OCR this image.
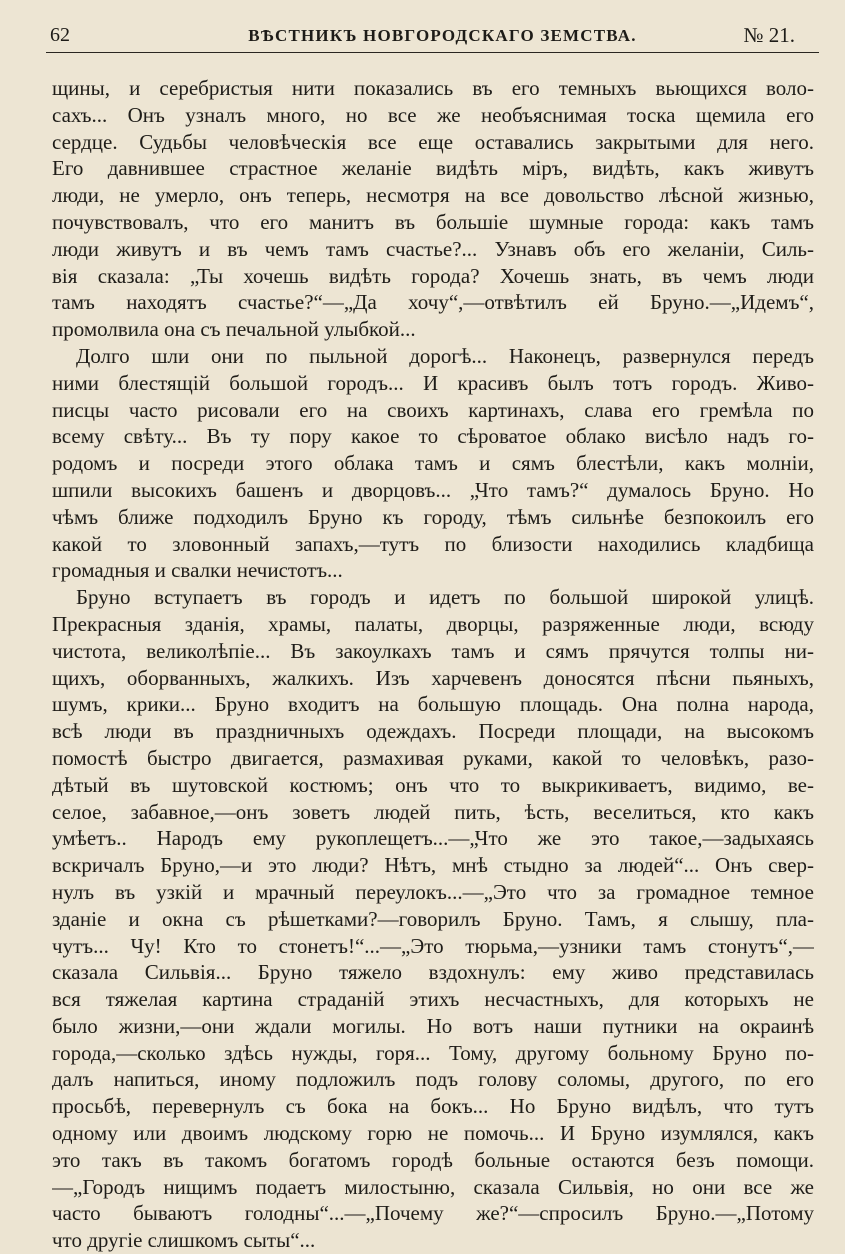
62	ВѢСТНИКЪ НОВГОРОДСКАГО ЗЕМСТВА.	№ 21.
щины, и серебристыя нити показались въ его темныхъ вьющихся воло-
сахъ... Онъ узналъ много, но все же необъяснимая тоска щемила его
сердце. Судьбы человѣческія все еще оставались закрытыми для него.
Его давнившее страстное желаніе видѣть міръ, видѣть, какъ живутъ
люди, не умерло, онъ теперь, несмотря на все довольство лѣсной жизнью,
почувствовалъ, что его манитъ въ большіе шумные города: какъ тамъ
люди живутъ и въ чемъ тамъ счастье?... Узнавъ объ его желаніи, Силь-
вія сказала: „Ты хочешь видѣть города? Хочешь знать, въ чемъ люди
тамъ находятъ счастье?“—„Да хочу“,—отвѣтилъ ей Бруно.—„Идемъ“,
промолвила она съ печальной улыбкой...
Долго шли они по пыльной дорогѣ... Наконецъ, развернулся передъ
ними блестящій большой городъ... И красивъ былъ тотъ городъ. Живо-
писцы часто рисовали его на своихъ картинахъ, слава его гремѣла по
всему свѣту... Въ ту пору какое то сѣроватое облако висѣло надъ го-
родомъ и посреди этого облака тамъ и сямъ блестѣли, какъ молніи,
шпили высокихъ башенъ и дворцовъ... „Что тамъ?“ думалось Бруно. Но
чѣмъ ближе подходилъ Бруно къ городу, тѣмъ сильнѣе безпокоилъ его
какой то зловонный запахъ,—тутъ по близости находились кладбища
громадныя и свалки нечистотъ...
Бруно вступаетъ въ городъ и идетъ по большой широкой улицѣ.
Прекрасныя зданія, храмы, палаты, дворцы, разряженные люди, всюду
чистота, великолѣпіе... Въ закоулкахъ тамъ и сямъ прячутся толпы ни-
щихъ, оборванныхъ, жалкихъ. Изъ харчевенъ доносятся пѣсни пьяныхъ,
шумъ, крики... Бруно входитъ на большую площадь. Она полна народа,
всѣ люди въ праздничныхъ одеждахъ. Посреди площади, на высокомъ
помостѣ быстро двигается, размахивая руками, какой то человѣкъ, разо-
дѣтый въ шутовской костюмъ; онъ что то выкрикиваетъ, видимо, ве-
селое, забавное,—онъ зоветъ людей пить, ѣсть, веселиться, кто какъ
умѣетъ.. Народъ ему рукоплещетъ...—„Что же это такое,—задыхаясь
вскричалъ Бруно,—и это люди? Нѣтъ, мнѣ стыдно за людей“... Онъ свер-
нулъ въ узкій и мрачный переулокъ...—„Это что за громадное темное
зданіе и окна съ рѣшетками?—говорилъ Бруно. Тамъ, я слышу, пла-
чутъ... Чу! Кто то стонетъ!“...—„Это тюрьма,—узники тамъ стонутъ“,—
сказала Сильвія... Бруно тяжело вздохнулъ: ему живо представилась
вся тяжелая картина страданій этихъ несчастныхъ, для которыхъ не
было жизни,—они ждали могилы. Но вотъ наши путники на окраинѣ
города,—сколько здѣсь нужды, горя... Тому, другому больному Бруно по-
далъ напиться, иному подложилъ подъ голову соломы, другого, по его
просьбѣ, перевернулъ съ бока на бокъ... Но Бруно видѣлъ, что тутъ
одному или двоимъ людскому горю не помочь... И Бруно изумлялся, какъ
это такъ въ такомъ богатомъ городѣ больные остаются безъ помощи.
—„Городъ нищимъ подаетъ милостыню, сказала Сильвія, но они все же
часто бываютъ голодны“...—„Почему же?“—спросилъ Бруно.—„Потому
что другіе слишкомъ сыты“...
